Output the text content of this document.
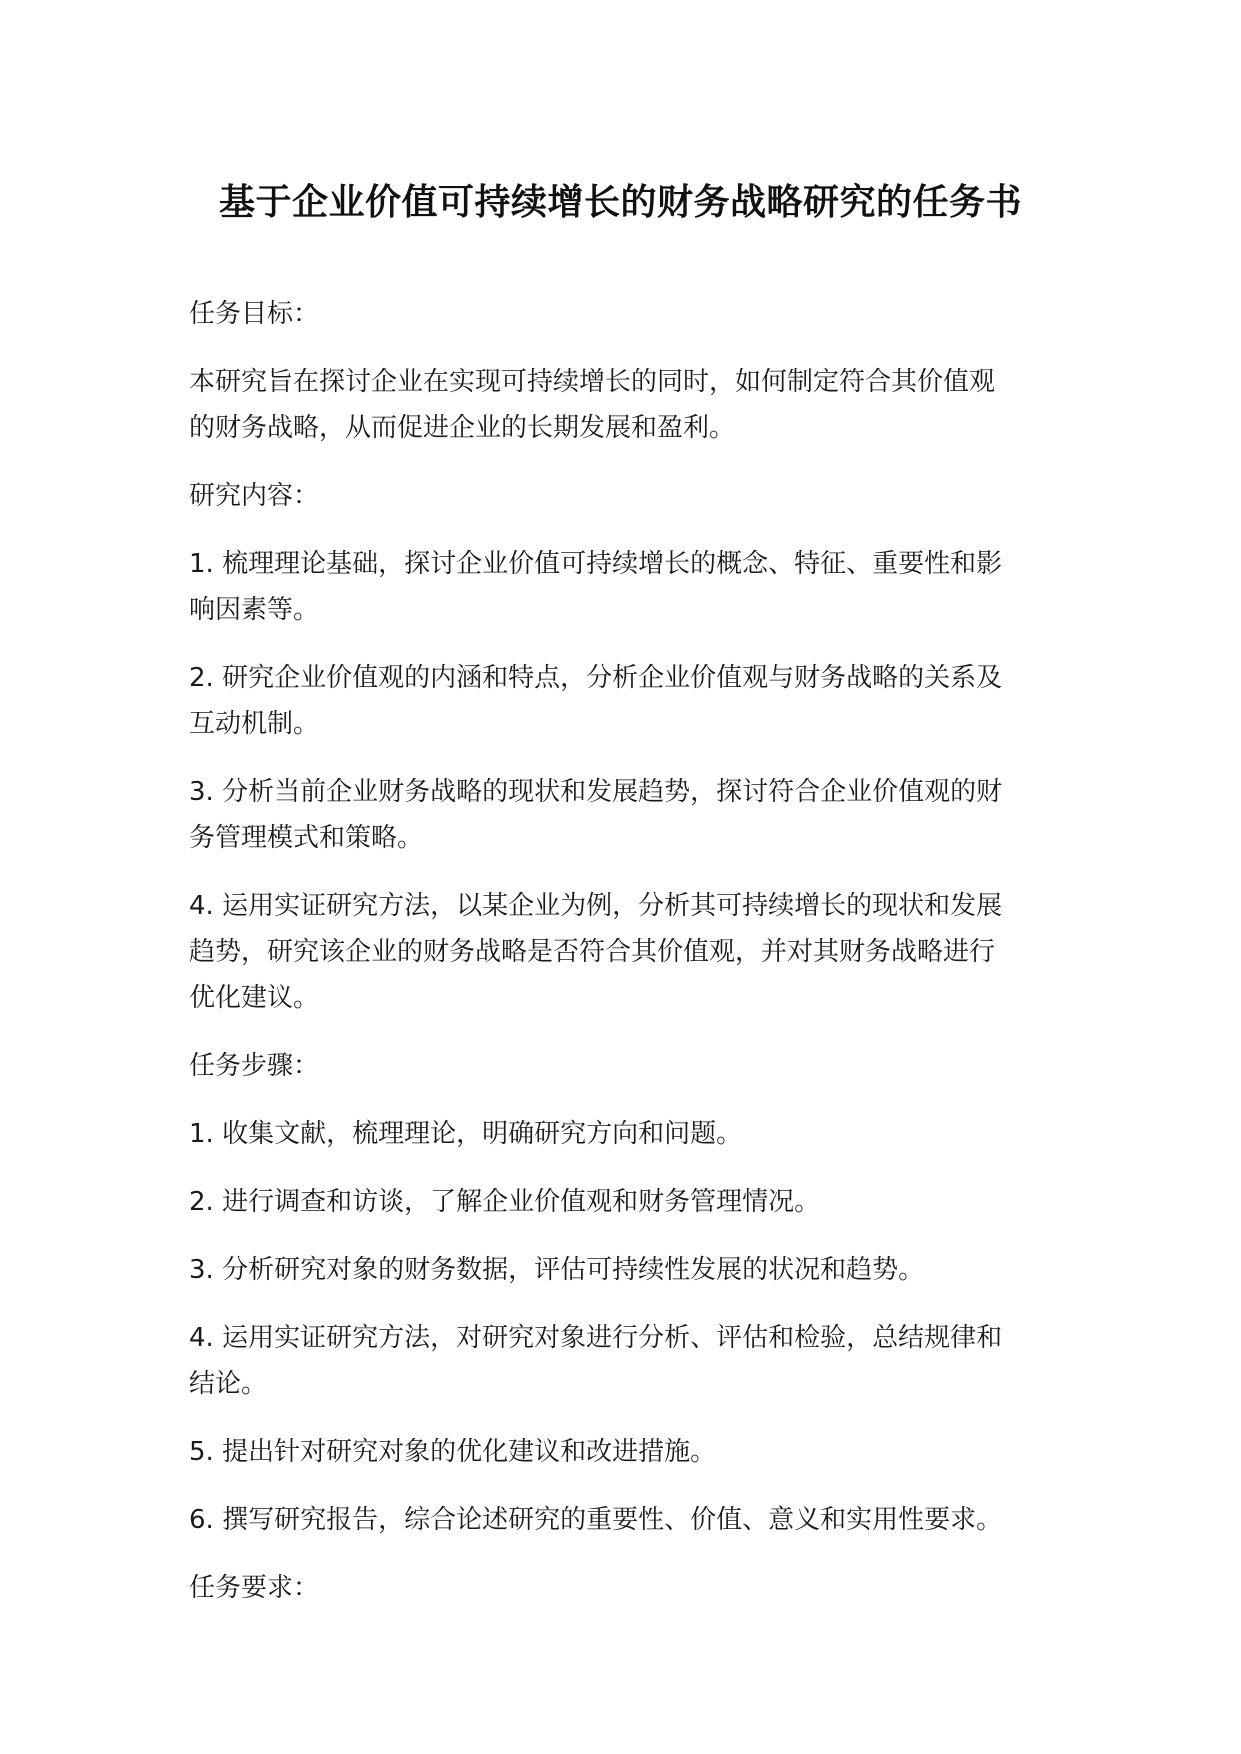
基于企业价值可持续增长的财务战略研究的任务书

任务目标：

本研究旨在探讨企业在实现可持续增长的同时，如何制定符合其价值观
的财务战略，从而促进企业的长期发展和盈利。

研究内容：

1. 梳理理论基础，探讨企业价值可持续增长的概念、特征、重要性和影
响因素等。

2. 研究企业价值观的内涵和特点，分析企业价值观与财务战略的关系及
互动机制。

3. 分析当前企业财务战略的现状和发展趋势，探讨符合企业价值观的财
务管理模式和策略。

4. 运用实证研究方法，以某企业为例，分析其可持续增长的现状和发展
趋势，研究该企业的财务战略是否符合其价值观，并对其财务战略进行
优化建议。

任务步骤：

1. 收集文献，梳理理论，明确研究方向和问题。

2. 进行调查和访谈，了解企业价值观和财务管理情况。

3. 分析研究对象的财务数据，评估可持续性发展的状况和趋势。

4. 运用实证研究方法，对研究对象进行分析、评估和检验，总结规律和
结论。

5. 提出针对研究对象的优化建议和改进措施。

6. 撰写研究报告，综合论述研究的重要性、价值、意义和实用性要求。

任务要求：
